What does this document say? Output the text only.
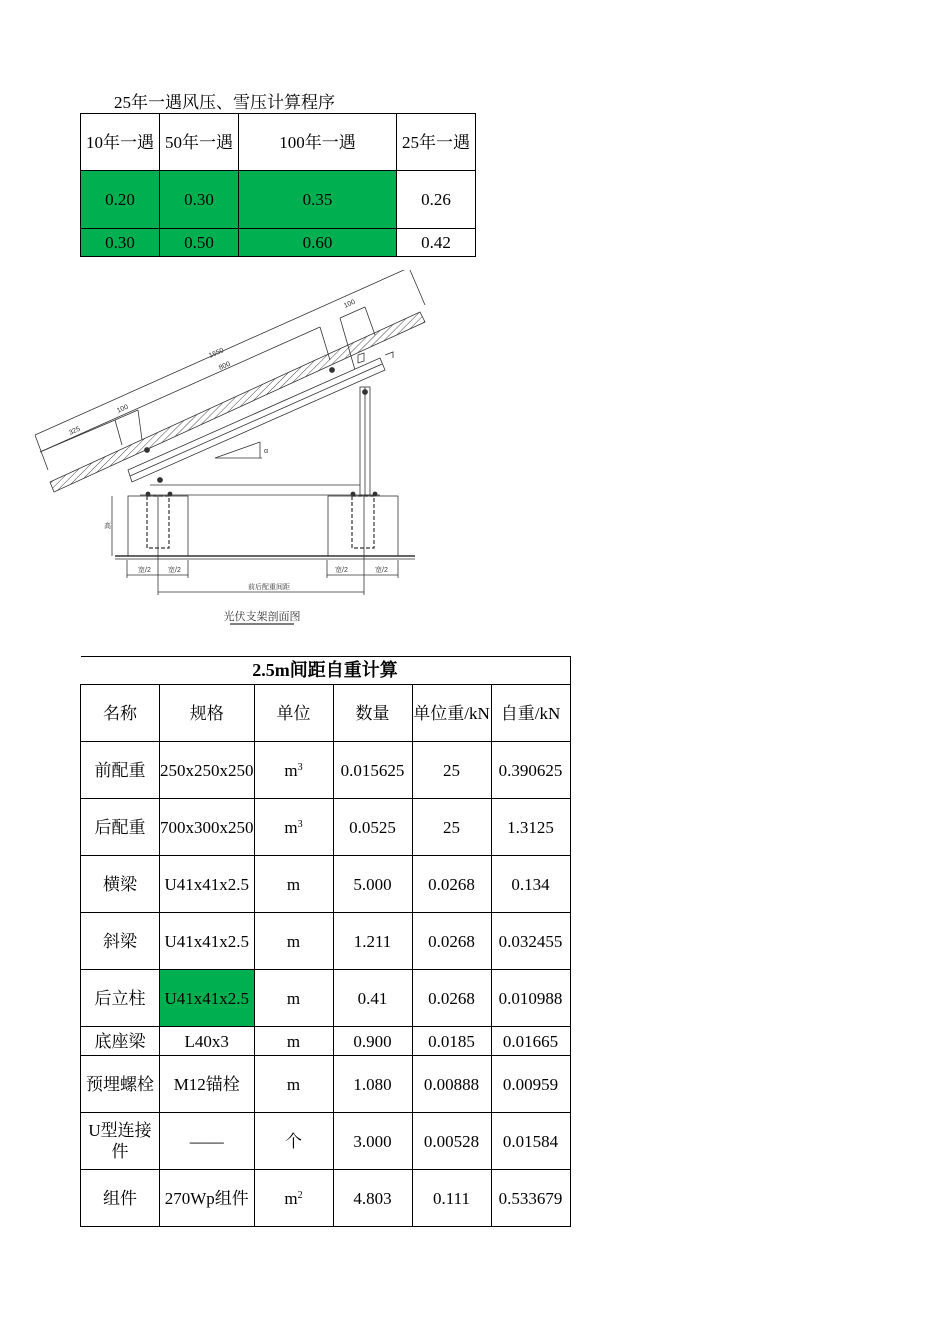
25年一遇风压、雪压计算程序
10年一遇	50年一遇	100年一遇	25年一遇
0.20	0.30	0.35	0.26
0.30	0.50	0.60	0.42
1650
800
100
325
100
α
高
宽/2 宽/2	宽/2	宽/2
前后配重间距
光伏支架剖面图
2.5m间距自重计算					
名称	规格	单位	数量	单位重/kN	自重/kN
前配重	250x250x250	$m^3$	0.015625	25	0.390625
后配重	700x300x250	$m^3$	0.0525	25	1.3125
横梁	U41x41x2.5	m	5.000	0.0268	0.134
斜梁	U41x41x2.5	m	1.211	0.0268	0.032455
后立柱	U41x41x2.5	m	0.41	0.0268	0.010988
底座梁	L40x3	m	0.900	0.0185	0.01665
预埋螺栓	M12锚栓	m	1.080	0.00888	0.00959
U型连接件	——	个	3.000	0.00528	0.01584
组件	270Wp组件	$m^2$	4.803	0.111	0.533679
